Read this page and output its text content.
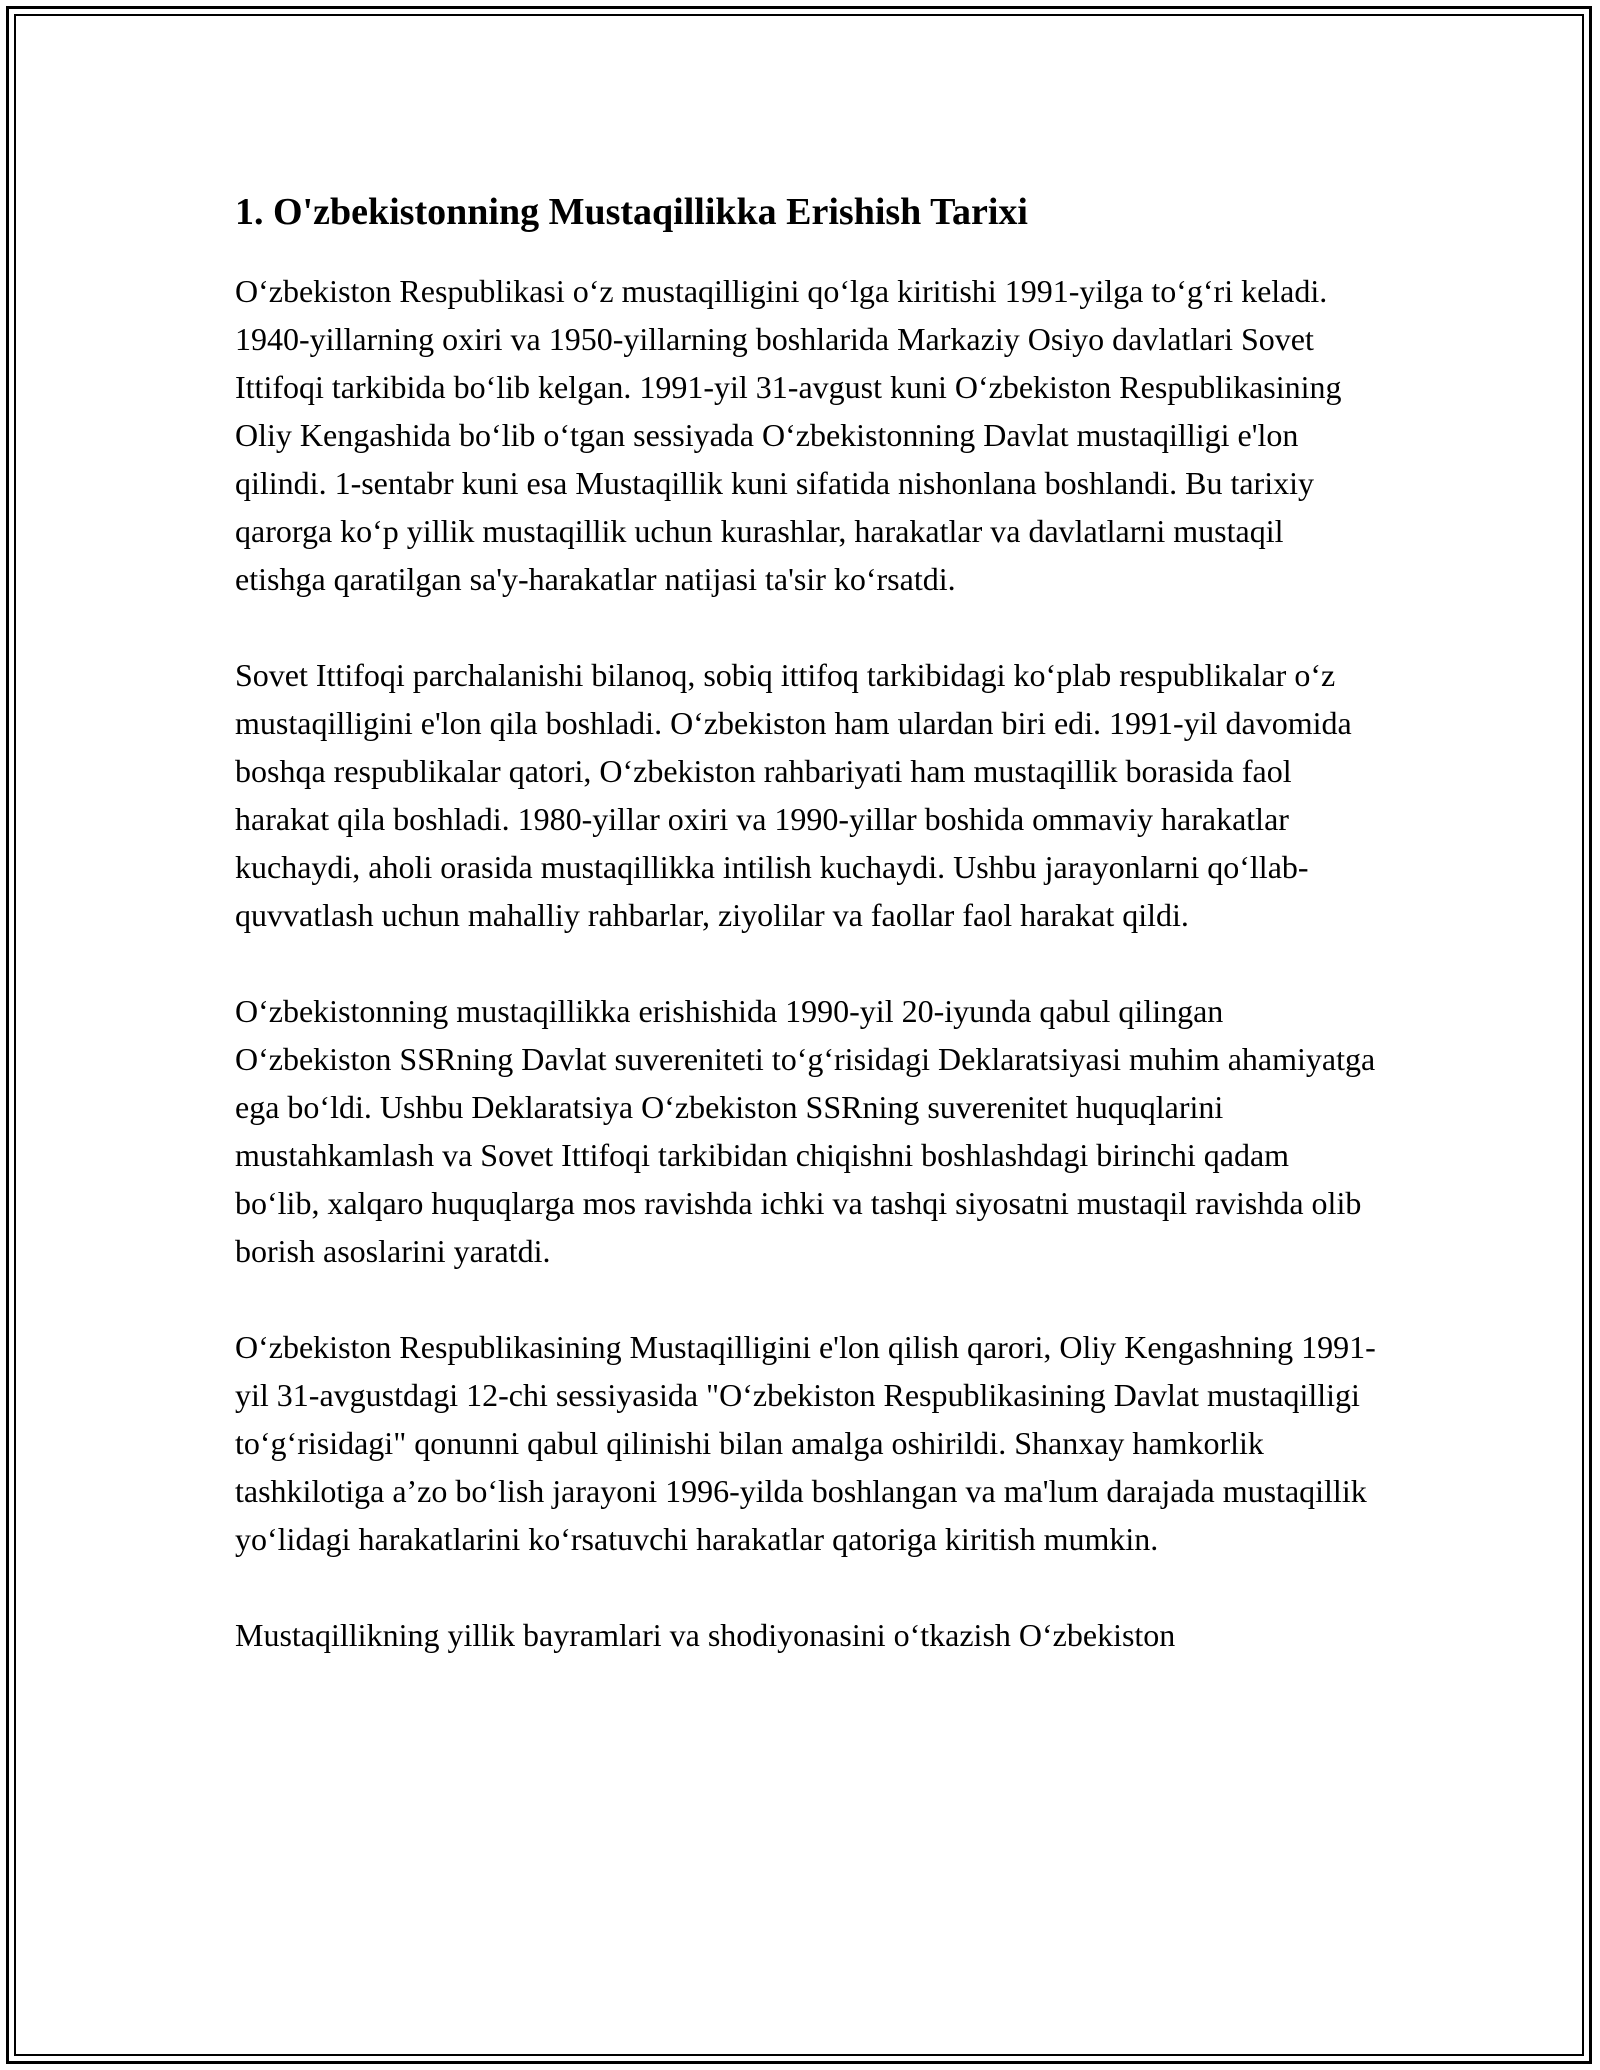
1. O'zbekistonning Mustaqillikka Erishish Tarixi

O‘zbekiston Respublikasi o‘z mustaqilligini qo‘lga kiritishi 1991-yilga to‘g‘ri keladi. 1940-yillarning oxiri va 1950-yillarning boshlarida Markaziy Osiyo davlatlari Sovet Ittifoqi tarkibida bo‘lib kelgan. 1991-yil 31-avgust kuni O‘zbekiston Respublikasining Oliy Kengashida bo‘lib o‘tgan sessiyada O‘zbekistonning Davlat mustaqilligi e'lon qilindi. 1-sentabr kuni esa Mustaqillik kuni sifatida nishonlana boshlandi. Bu tarixiy qarorga ko‘p yillik mustaqillik uchun kurashlar, harakatlar va davlatlarni mustaqil etishga qaratilgan sa'y-harakatlar natijasi ta'sir ko‘rsatdi.

Sovet Ittifoqi parchalanishi bilanoq, sobiq ittifoq tarkibidagi ko‘plab respublikalar o‘z mustaqilligini e'lon qila boshladi. O‘zbekiston ham ulardan biri edi. 1991-yil davomida boshqa respublikalar qatori, O‘zbekiston rahbariyati ham mustaqillik borasida faol harakat qila boshladi. 1980-yillar oxiri va 1990-yillar boshida ommaviy harakatlar kuchaydi, aholi orasida mustaqillikka intilish kuchaydi. Ushbu jarayonlarni qo‘llab-quvvatlash uchun mahalliy rahbarlar, ziyolilar va faollar faol harakat qildi.

O‘zbekistonning mustaqillikka erishishida 1990-yil 20-iyunda qabul qilingan O‘zbekiston SSRning Davlat suvereniteti to‘g‘risidagi Deklaratsiyasi muhim ahamiyatga ega bo‘ldi. Ushbu Deklaratsiya O‘zbekiston SSRning suverenitet huquqlarini mustahkamlash va Sovet Ittifoqi tarkibidan chiqishni boshlashdagi birinchi qadam bo‘lib, xalqaro huquqlarga mos ravishda ichki va tashqi siyosatni mustaqil ravishda olib borish asoslarini yaratdi.

O‘zbekiston Respublikasining Mustaqilligini e'lon qilish qarori, Oliy Kengashning 1991-yil 31-avgustdagi 12-chi sessiyasida "O‘zbekiston Respublikasining Davlat mustaqilligi to‘g‘risidagi" qonunni qabul qilinishi bilan amalga oshirildi. Shanxay hamkorlik tashkilotiga a’zo bo‘lish jarayoni 1996-yilda boshlangan va ma'lum darajada mustaqillik yo‘lidagi harakatlarini ko‘rsatuvchi harakatlar qatoriga kiritish mumkin.

Mustaqillikning yillik bayramlari va shodiyonasini o‘tkazish O‘zbekiston
